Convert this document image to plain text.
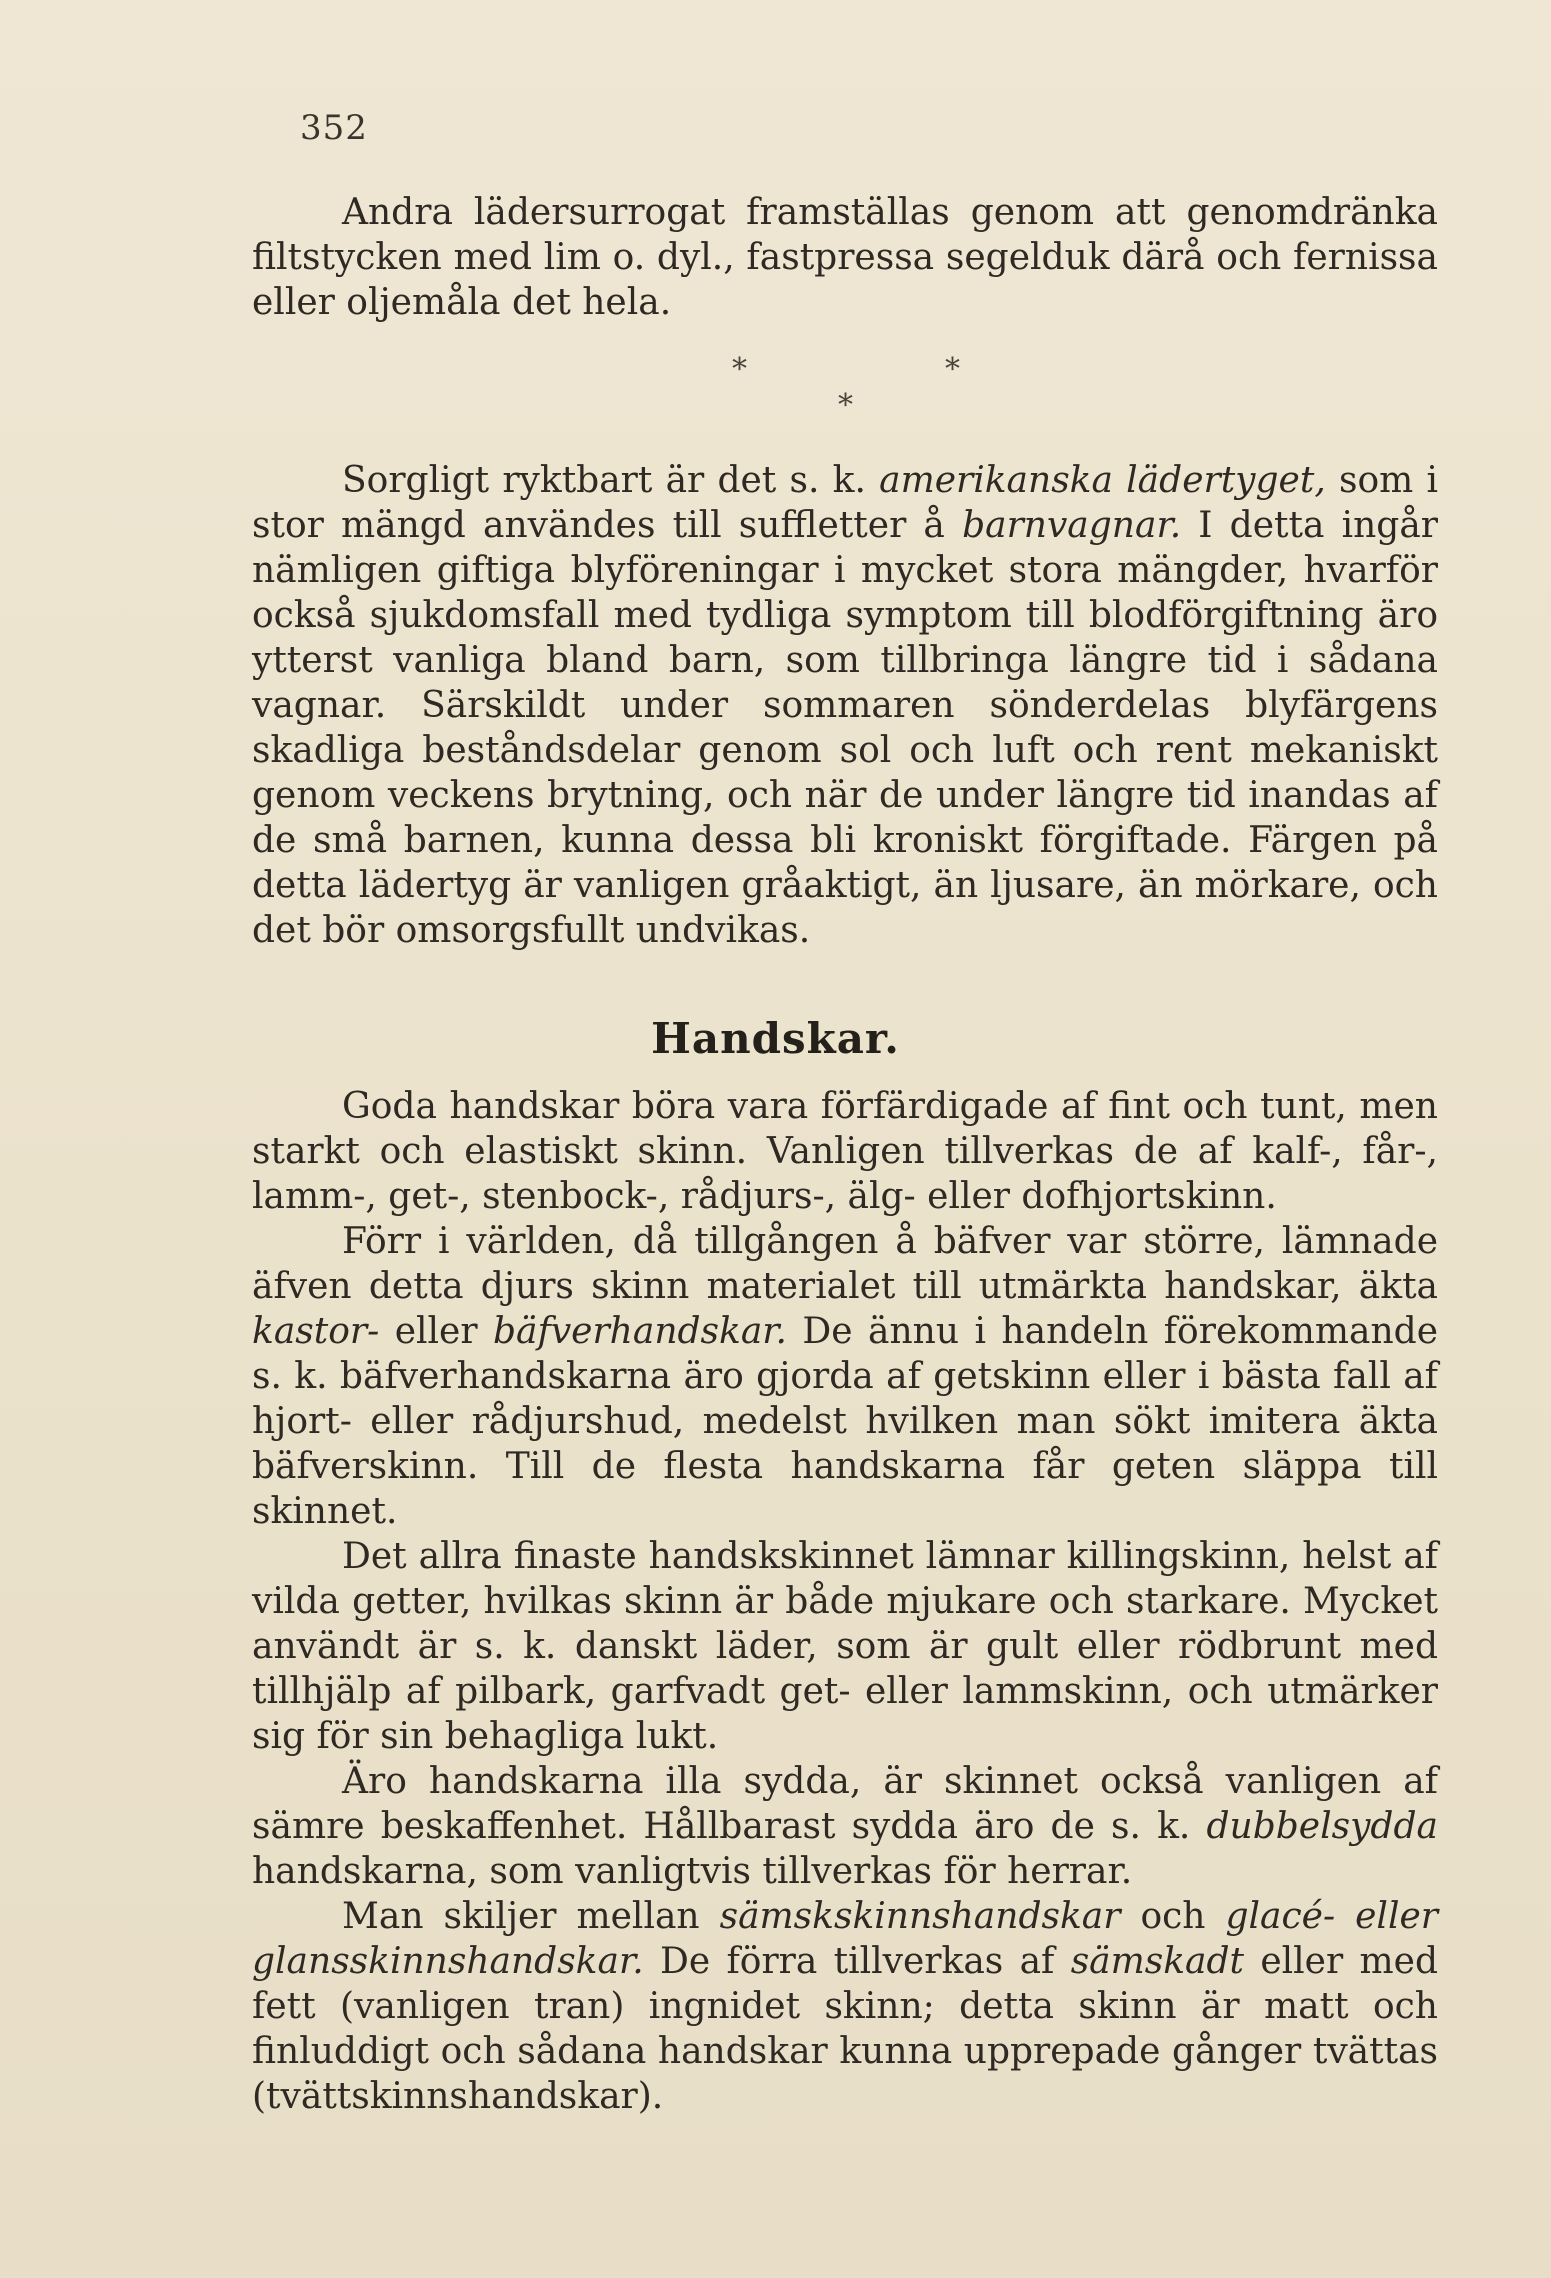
352

Andra lädersurrogat framställas genom att genomdränka filtstycken med lim o. dyl., fastpressa segelduk därå och fernissa eller oljemåla det hela.

*	*
*

Sorgligt ryktbart är det s. k. amerikanska lädertyget, som i stor mängd användes till suffletter å barnvagnar. I detta ingår nämligen giftiga blyföreningar i mycket stora mängder, hvarför också sjukdomsfall med tydliga symptom till blodförgiftning äro ytterst vanliga bland barn, som tillbringa längre tid i sådana vagnar. Särskildt under sommaren sönderdelas blyfärgens skadliga beståndsdelar genom sol och luft och rent mekaniskt genom veckens brytning, och när de under längre tid inandas af de små barnen, kunna dessa bli kroniskt förgiftade. Färgen på detta lädertyg är vanligen gråaktigt, än ljusare, än mörkare, och det bör omsorgsfullt undvikas.

Handskar.

Goda handskar böra vara förfärdigade af fint och tunt, men starkt och elastiskt skinn. Vanligen tillverkas de af kalf-, får-, lamm-, get-, stenbock-, rådjurs-, älg- eller dofhjortskinn.

Förr i världen, då tillgången å bäfver var större, lämnade äfven detta djurs skinn materialet till utmärkta handskar, äkta kastor- eller bäfverhandskar. De ännu i handeln förekommande s. k. bäfverhandskarna äro gjorda af getskinn eller i bästa fall af hjort- eller rådjurshud, medelst hvilken man sökt imitera äkta bäfverskinn. Till de flesta handskarna får geten släppa till skinnet.

Det allra finaste handskskinnet lämnar killingskinn, helst af vilda getter, hvilkas skinn är både mjukare och starkare. Mycket användt är s. k. danskt läder, som är gult eller rödbrunt med tillhjälp af pilbark, garfvadt get- eller lammskinn, och utmärker sig för sin behagliga lukt.

Äro handskarna illa sydda, är skinnet också vanligen af sämre beskaffenhet. Hållbarast sydda äro de s. k. dubbelsydda handskarna, som vanligtvis tillverkas för herrar.

Man skiljer mellan sämskskinnshandskar och glacé- eller glansskinnshandskar. De förra tillverkas af sämskadt eller med fett (vanligen tran) ingnidet skinn; detta skinn är matt och finluddigt och sådana handskar kunna upprepade gånger tvättas (tvättskinnshandskar).
